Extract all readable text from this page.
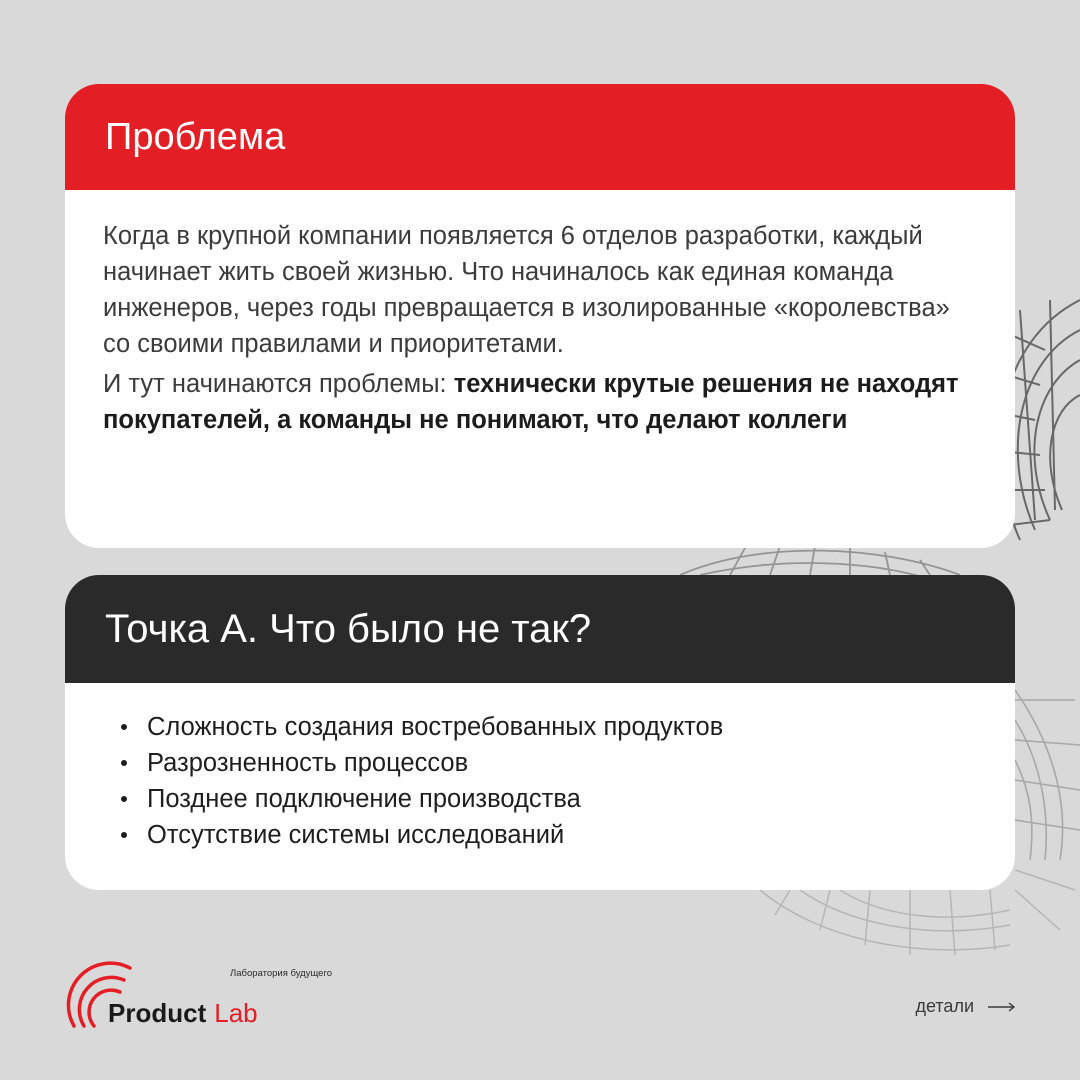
Проблема

Когда в крупной компании появляется 6 отделов разработки, каждый начинает жить своей жизнью. Что начиналось как единая команда инженеров, через годы превращается в изолированные «королевства» со своими правилами и приоритетами.

И тут начинаются проблемы: технически крутые решения не находят покупателей, а команды не понимают, что делают коллеги

Точка А. Что было не так?
Сложность создания востребованных продуктов
Разрозненность процессов
Позднее подключение производства
Отсутствие системы исследований
Лаборатория будущего
Product Lab	детали
